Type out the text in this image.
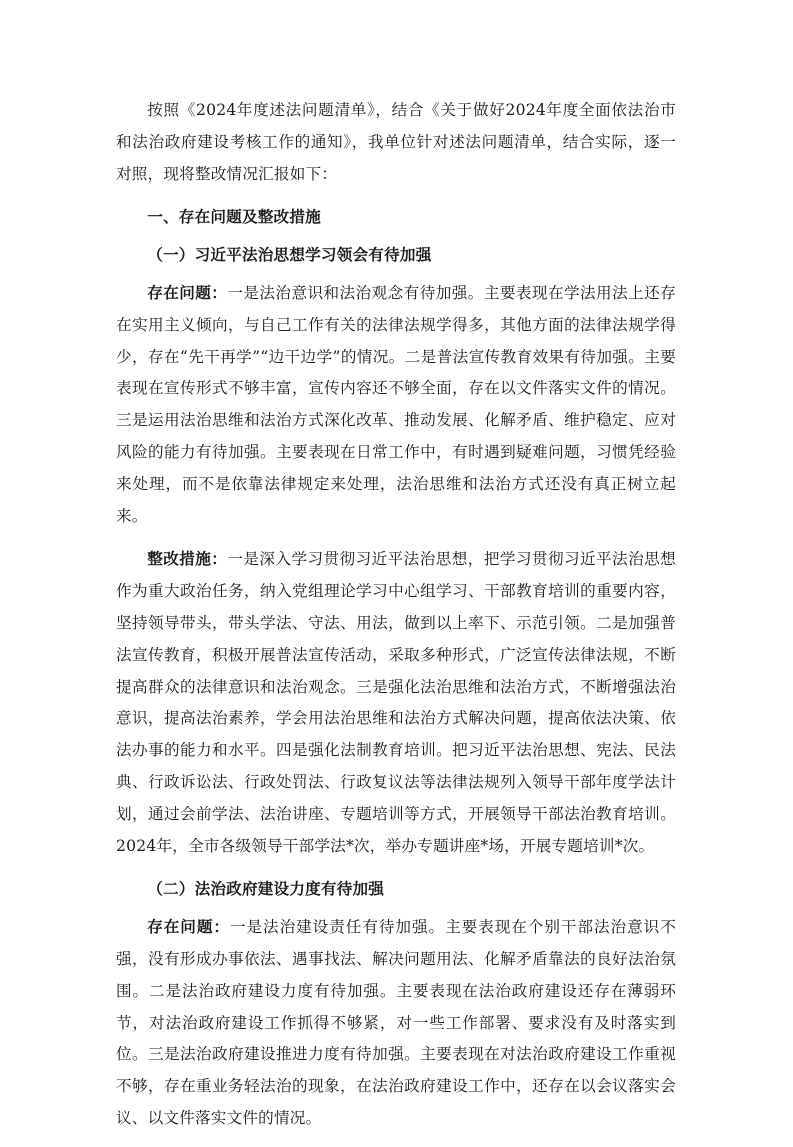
按照《2024年度述法问题清单》，结合《关于做好2024年度全面依法治市和法治政府建设考核工作的通知》，我单位针对述法问题清单，结合实际，逐一对照，现将整改情况汇报如下：

一、存在问题及整改措施

（一）习近平法治思想学习领会有待加强

存在问题：一是法治意识和法治观念有待加强。主要表现在学法用法上还存在实用主义倾向，与自己工作有关的法律法规学得多，其他方面的法律法规学得少，存在“先干再学”“边干边学”的情况。二是普法宣传教育效果有待加强。主要表现在宣传形式不够丰富，宣传内容还不够全面，存在以文件落实文件的情况。三是运用法治思维和法治方式深化改革、推动发展、化解矛盾、维护稳定、应对风险的能力有待加强。主要表现在日常工作中，有时遇到疑难问题，习惯凭经验来处理，而不是依靠法律规定来处理，法治思维和法治方式还没有真正树立起来。

整改措施：一是深入学习贯彻习近平法治思想，把学习贯彻习近平法治思想作为重大政治任务，纳入党组理论学习中心组学习、干部教育培训的重要内容，坚持领导带头，带头学法、守法、用法，做到以上率下、示范引领。二是加强普法宣传教育，积极开展普法宣传活动，采取多种形式，广泛宣传法律法规，不断提高群众的法律意识和法治观念。三是强化法治思维和法治方式，不断增强法治意识，提高法治素养，学会用法治思维和法治方式解决问题，提高依法决策、依法办事的能力和水平。四是强化法制教育培训。把习近平法治思想、宪法、民法典、行政诉讼法、行政处罚法、行政复议法等法律法规列入领导干部年度学法计划，通过会前学法、法治讲座、专题培训等方式，开展领导干部法治教育培训。2024年，全市各级领导干部学法*次，举办专题讲座*场，开展专题培训*次。

（二）法治政府建设力度有待加强

存在问题：一是法治建设责任有待加强。主要表现在个别干部法治意识不强，没有形成办事依法、遇事找法、解决问题用法、化解矛盾靠法的良好法治氛围。二是法治政府建设力度有待加强。主要表现在法治政府建设还存在薄弱环节，对法治政府建设工作抓得不够紧，对一些工作部署、要求没有及时落实到位。三是法治政府建设推进力度有待加强。主要表现在对法治政府建设工作重视不够，存在重业务轻法治的现象，在法治政府建设工作中，还存在以会议落实会议、以文件落实文件的情况。
